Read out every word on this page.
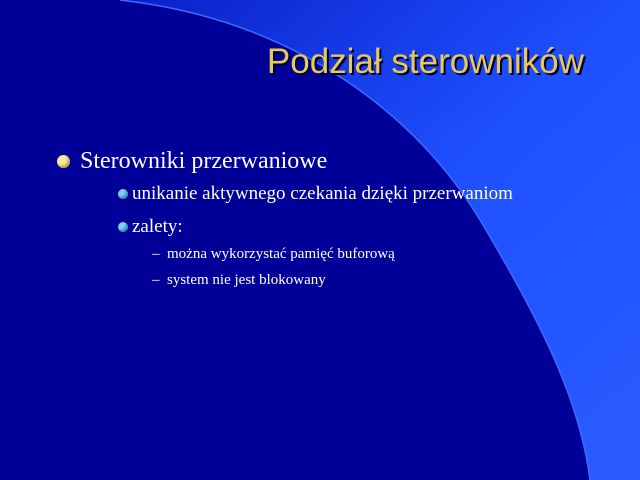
Podział sterowników
Sterowniki przerwaniowe
unikanie aktywnego czekania dzięki przerwaniom
zalety:
– można wykorzystać pamięć buforową
– system nie jest blokowany
